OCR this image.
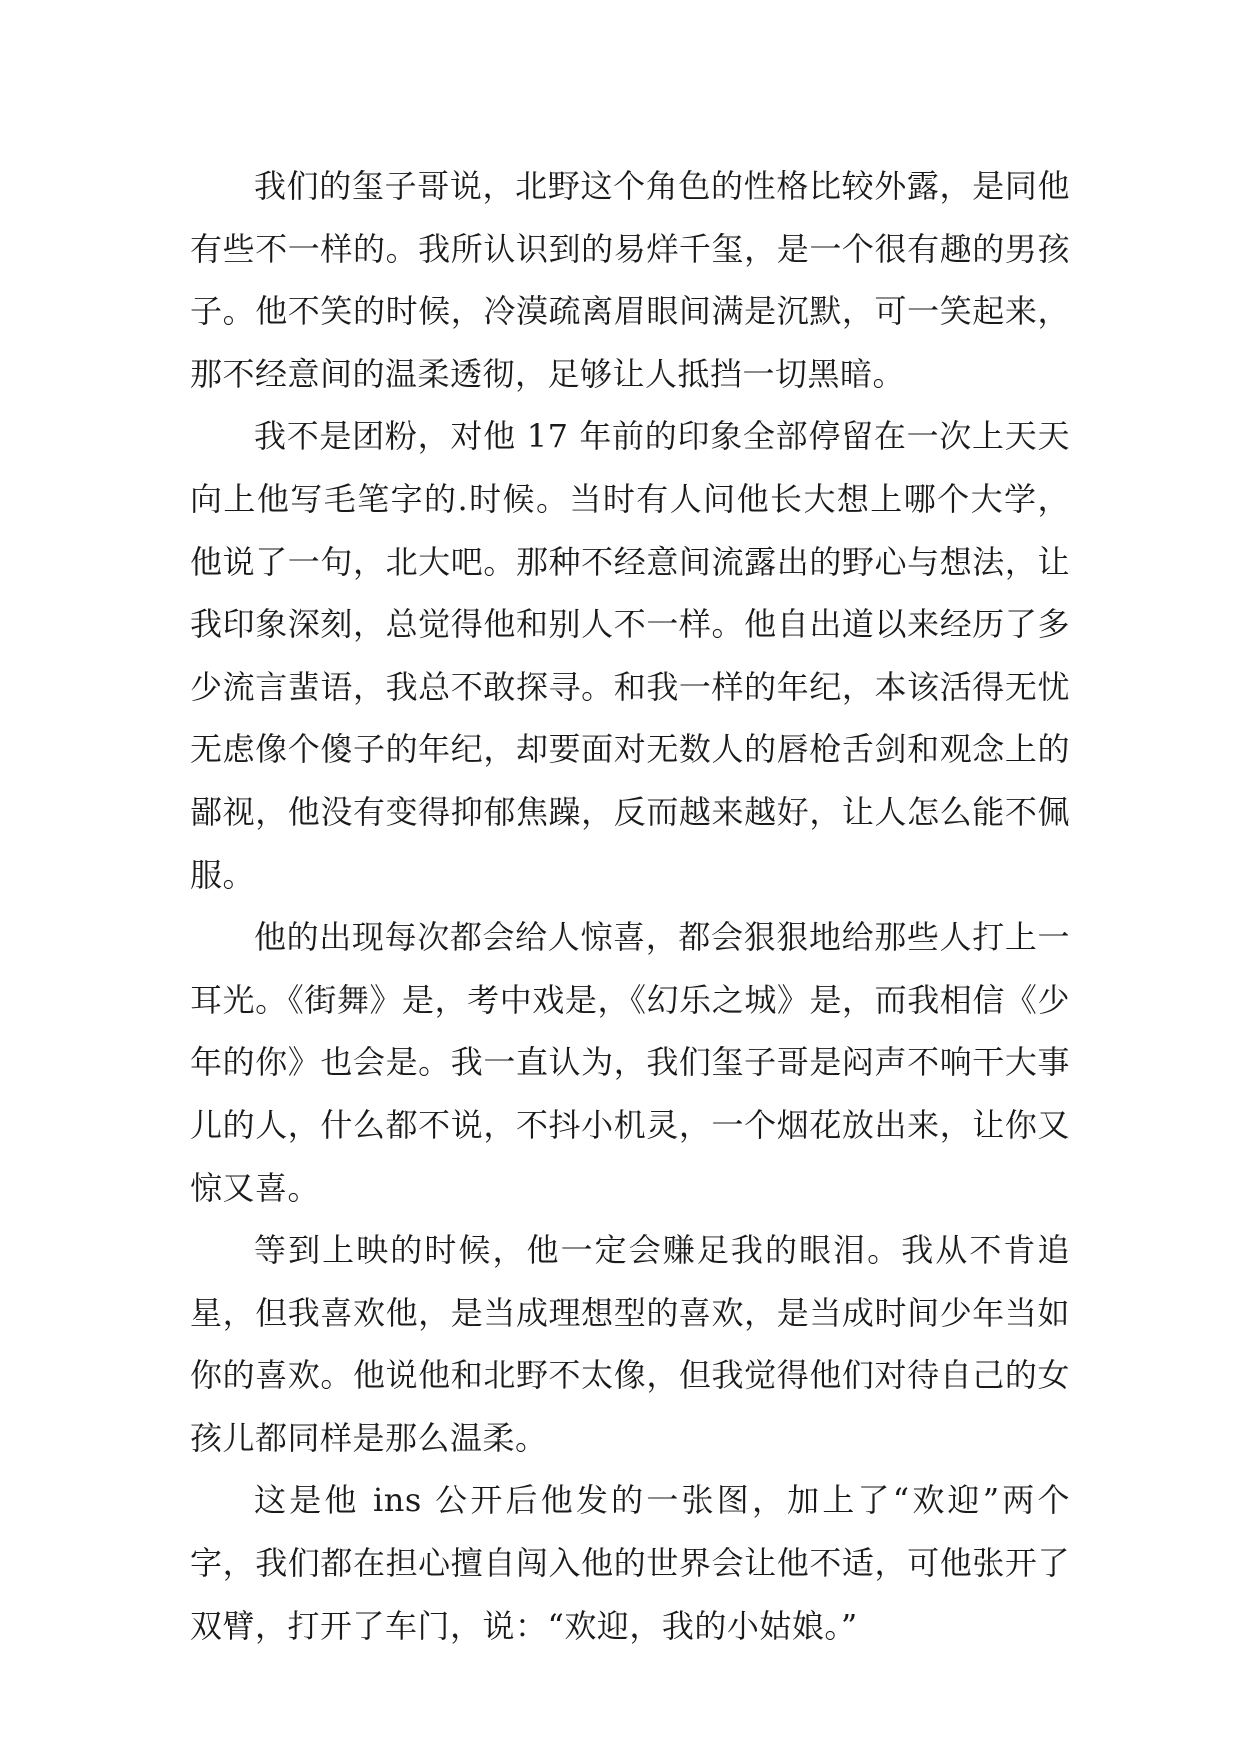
我们的玺子哥说，北野这个角色的性格比较外露，是同他有些不一样的。我所认识到的易烊千玺，是一个很有趣的男孩子。他不笑的时候，冷漠疏离眉眼间满是沉默，可一笑起来，那不经意间的温柔透彻，足够让人抵挡一切黑暗。

我不是团粉，对他 17 年前的印象全部停留在一次上天天向上他写毛笔字的.时候。当时有人问他长大想上哪个大学，他说了一句，北大吧。那种不经意间流露出的野心与想法，让我印象深刻，总觉得他和别人不一样。他自出道以来经历了多少流言蜚语，我总不敢探寻。和我一样的年纪，本该活得无忧无虑像个傻子的年纪，却要面对无数人的唇枪舌剑和观念上的鄙视，他没有变得抑郁焦躁，反而越来越好，让人怎么能不佩服。

他的出现每次都会给人惊喜，都会狠狠地给那些人打上一耳光。《街舞》是，考中戏是，《幻乐之城》是，而我相信《少年的你》也会是。我一直认为，我们玺子哥是闷声不响干大事儿的人，什么都不说，不抖小机灵，一个烟花放出来，让你又惊又喜。

等到上映的时候，他一定会赚足我的眼泪。我从不肯追星，但我喜欢他，是当成理想型的喜欢，是当成时间少年当如你的喜欢。他说他和北野不太像，但我觉得他们对待自己的女孩儿都同样是那么温柔。

这是他 ins 公开后他发的一张图，加上了“欢迎”两个字，我们都在担心擅自闯入他的世界会让他不适，可他张开了双臂，打开了车门，说：“欢迎，我的小姑娘。”
